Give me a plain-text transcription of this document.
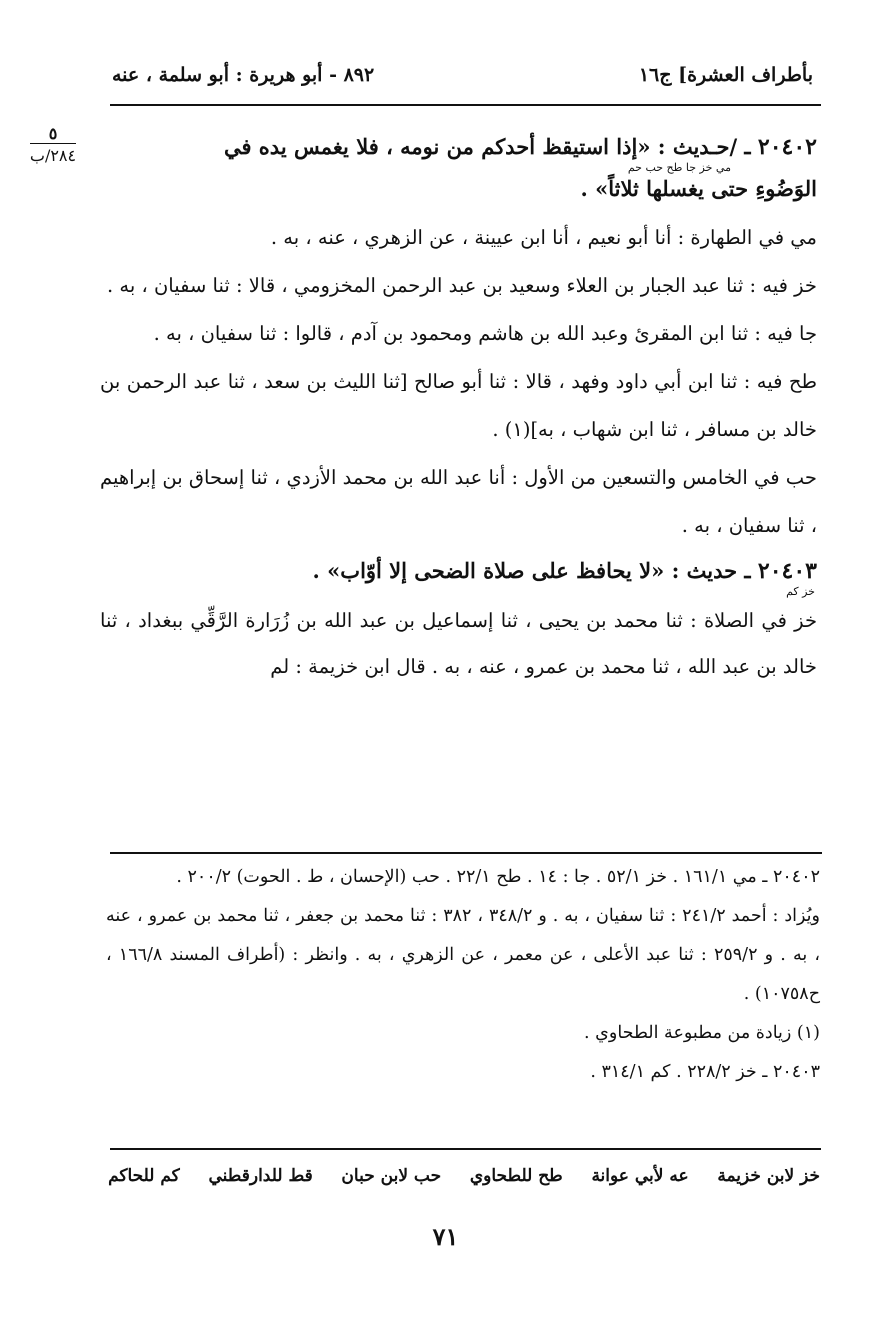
بأطراف العشرة] ج١٦
٨٩٢ - أبو هريرة : أبو سلمة ، عنه
٥
٢٨٤/ب	٢٠٤٠٢ ـ /حـديث : «إذا استيقظ أحدكم من نومه ، فلا يغمس يده في

مي خز جا طح حب حم

الوَضُوءِ حتى يغسلها ثلاثاً» .

مي في الطهارة : أنا أبو نعيم ، أنا ابن عيينة ، عن الزهري ، عنه ، به .

خز فيه : ثنا عبد الجبار بن العلاء وسعيد بن عبد الرحمن المخزومي ، قالا : ثنا سفيان ، به .

جا فيه : ثنا ابن المقرئ وعبد الله بن هاشم ومحمود بن آدم ، قالوا : ثنا سفيان ، به .

طح فيه : ثنا ابن أبي داود وفهد ، قالا : ثنا أبو صالح [ثنا الليث بن سعد ، ثنا عبد الرحمن بن خالد بن مسافر ، ثنا ابن شهاب ، به](١) .

حب في الخامس والتسعين من الأول : أنا عبد الله بن محمد الأزدي ، ثنا إسحاق بن إبراهيم ، ثنا سفيان ، به .

٢٠٤٠٣ ـ حديث : «لا يحافظ على صلاة الضحى إلا أوّاب» .

خز كم

خز في الصلاة : ثنا محمد بن يحيى ، ثنا إسماعيل بن عبد الله بن زُرَارة الرَّقِّي ببغداد ، ثنا خالد بن عبد الله ، ثنا محمد بن عمرو ، عنه ، به . قال ابن خزيمة : لم

٢٠٤٠٢ ـ مي ١٦١/١ . خز ٥٢/١ . جا : ١٤ . طح ٢٢/١ . حب (الإحسان ، ط . الحوت) ٢٠٠/٢ .

ويُزاد : أحمد ٢٤١/٢ : ثنا سفيان ، به . و ٣٤٨/٢ ، ٣٨٢ : ثنا محمد بن جعفر ، ثنا محمد بن عمرو ، عنه ، به . و ٢٥٩/٢ : ثنا عبد الأعلى ، عن معمر ، عن الزهري ، به . وانظر : (أطراف المسند ١٦٦/٨ ، ح١٠٧٥٨) .

(١) زيادة من مطبوعة الطحاوي .

٢٠٤٠٣ ـ خز ٢٢٨/٢ . كم ٣١٤/١ .

خز لابن خزيمة
عه لأبي عوانة
طح للطحاوي
حب لابن حبان
قط للدارقطني
كم للحاكم
٧١
